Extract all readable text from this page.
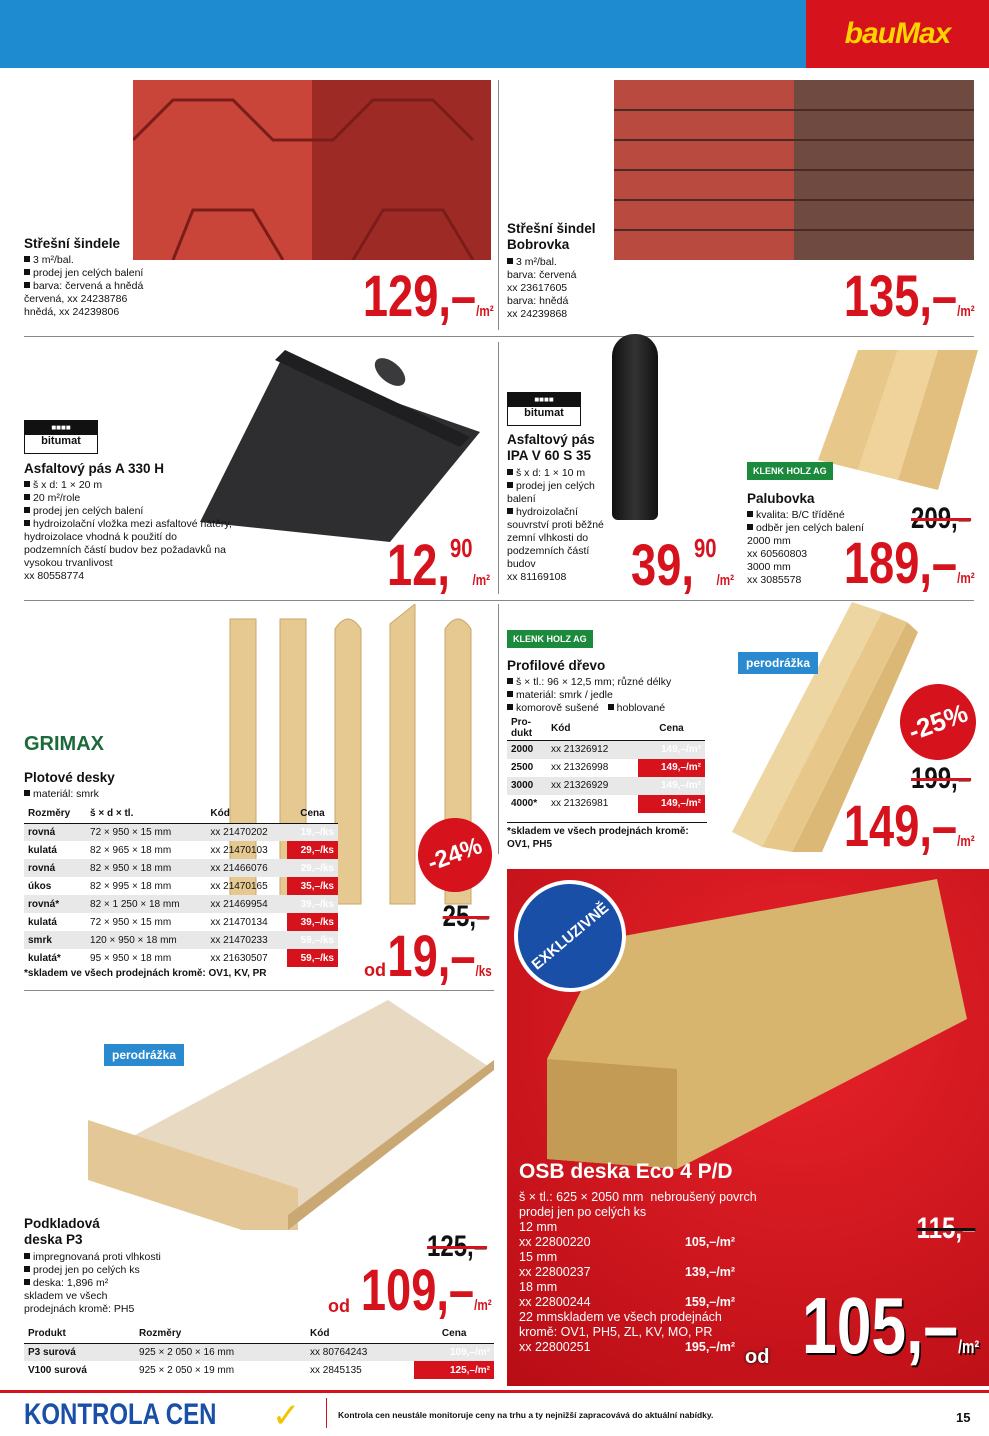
bauMax
Střešní šindele
3 m²/bal.
prodej jen celých balení
barva: červená a hnědá
červená, xx 24238786
hnědá, xx 24239806	129,–/m²
Střešní šindel
Bobrovka
3 m²/bal.
barva: červená
xx 23617605
barva: hnědá
xx 24239868	135,–/m²
■■■■
bitumat
Asfaltový pás A 330 H
š x d: 1 × 20 m
20 m²/role
prodej jen celých balení
hydroizolační vložka mezi asfaltové nátěry, hydroizolace vhodná k použití do podzemních částí budov bez požadavků na vysokou trvanlivost
xx 80558774	12,90/m²
■■■■
bitumat
Asfaltový pás
IPA V 60 S 35
š x d: 1 × 10 m
prodej jen celých balení
hydroizolační souvrství proti běžné zemní vlhkosti do podzemních částí budov
xx 81169108	39,90/m²
KLENK HOLZ AG
Palubovka
kvalita: B/C tříděné
odběr jen celých balení
2000 mm
xx 60560803
3000 mm
xx 3085578
209,–
189,–/m²
GRIMAX
Plotové desky
materiál: smrk
Rozměry	š × d × tl.	Kód	Cena
rovná	72 × 950 × 15 mm	xx 21470202	19,–/ks
kulatá	82 × 965 × 18 mm	xx 21470103	29,–/ks
rovná	82 × 950 × 18 mm	xx 21466076	29,–/ks
úkos	82 × 995 × 18 mm	xx 21470165	35,–/ks
rovná*	82 × 1 250 × 18 mm	xx 21469954	39,–/ks
kulatá	72 × 950 × 15 mm	xx 21470134	39,–/ks
smrk	120 × 950 × 18 mm	xx 21470233	59,–/ks
kulatá*	95 × 950 × 18 mm	xx 21630507	59,–/ks
*skladem ve všech prodejnách kromě: OV1, KV, PR
-24%
25,–
od 19,–/ks
KLENK HOLZ AG
Profilové dřevo
š × tl.: 96 × 12,5 mm; různé délky
materiál: smrk / jedle
komorově sušené hoblované
Pro-dukt	Kód	Cena
2000	xx 21326912	149,–/m²
2500	xx 21326998	149,–/m²
3000	xx 21326929	149,–/m²
4000*	xx 21326981	149,–/m²
*skladem ve všech prodejnách kromě: OV1, PH5
perodrážka
-25%
199,–
149,–/m²
perodrážka
Podkladová
deska P3
impregnovaná proti vlhkosti
prodej jen po celých ks
deska: 1,896 m²
skladem ve všech
prodejnách kromě: PH5
125,–
od 109,–/m²
Produkt	Rozměry	Kód	Cena
P3 surová	925 × 2 050 × 16 mm	xx 80764243	109,–/m²
V100 surová	925 × 2 050 × 19 mm	xx 2845135	125,–/m²
EXKLUZIVNĚ
OSB deska Eco 4 P/D
š × tl.: 625 × 2050 mm nebroušený povrch
prodej jen po celých ks
12 mm
xx 22800220	105,–/m²
15 mm
xx 22800237	139,–/m²
18 mm
xx 22800244	159,–/m²
22 mmskladem ve všech prodejnách
kromě: OV1, PH5, ZL, KV, MO, PR
xx 22800251	195,–/m²
115,–
od 105,–/m²
KONTROLA CEN ✓	Kontrola cen neustále monitoruje ceny na trhu a ty nejnižší zapracovává do aktuální nabídky.	15
